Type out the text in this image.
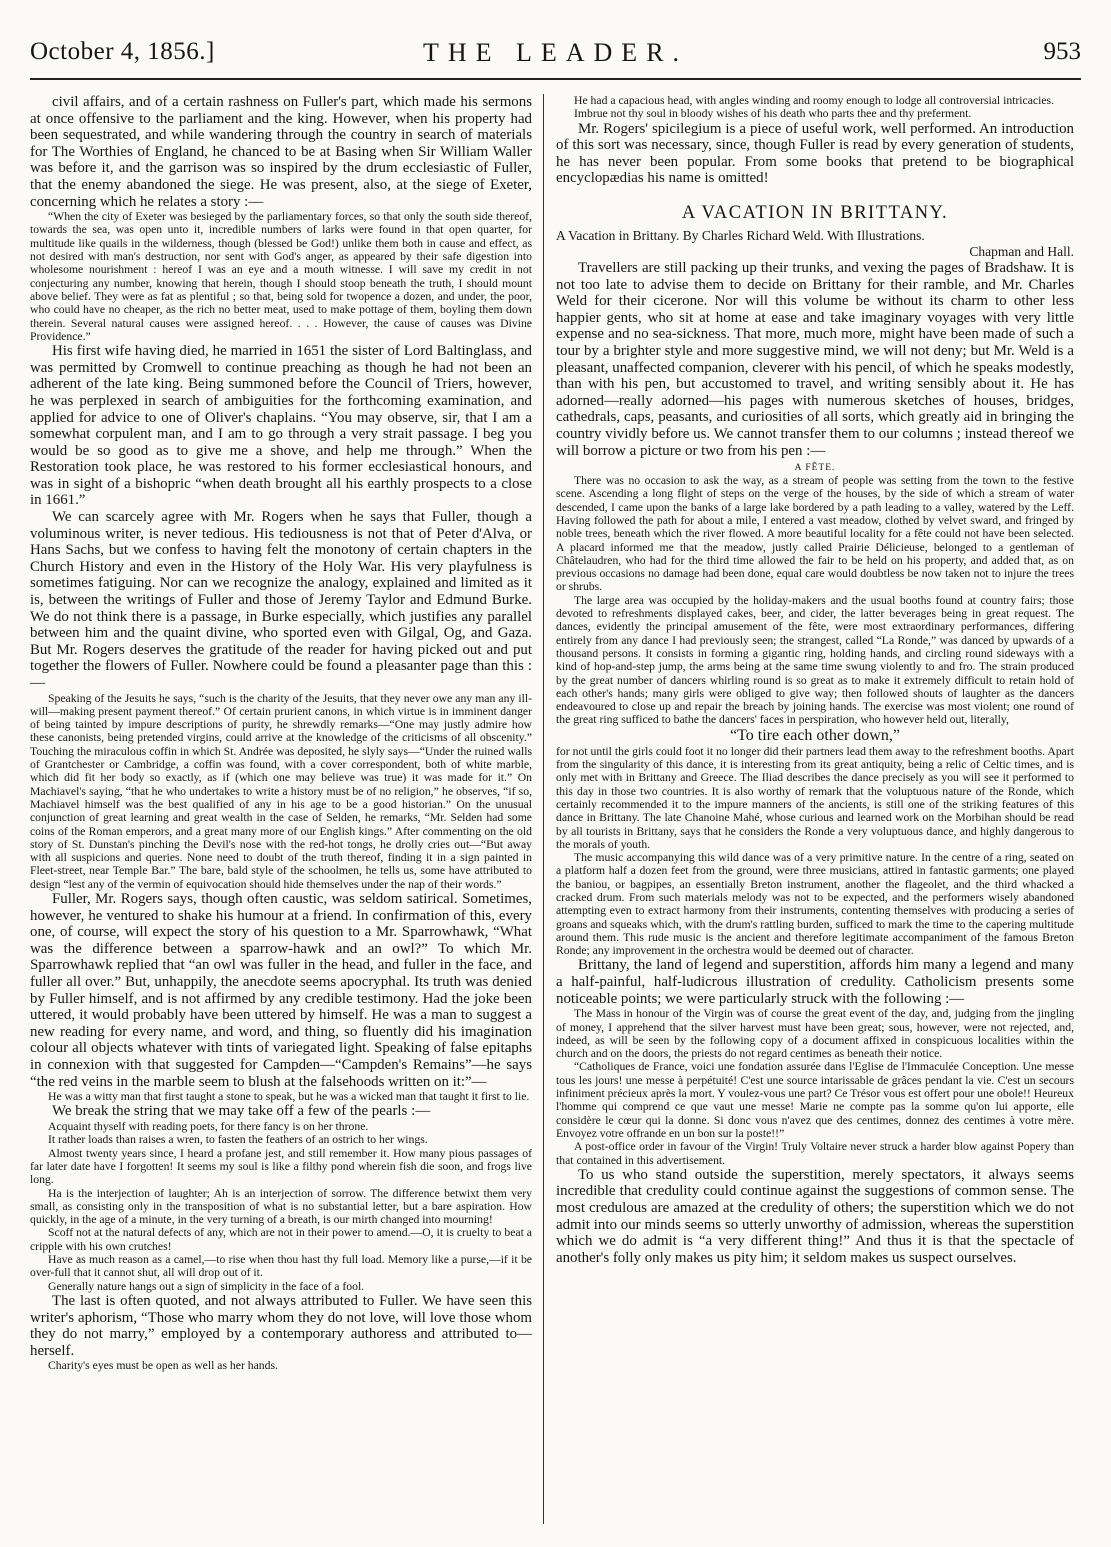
October 4, 1856.]	THE LEADER.	953

civil affairs, and of a certain rashness on Fuller's part, which made his sermons at once offensive to the parliament and the king. However, when his property had been sequestrated, and while wandering through the country in search of materials for The Worthies of England, he chanced to be at Basing when Sir William Waller was before it, and the garrison was so inspired by the drum ecclesiastic of Fuller, that the enemy abandoned the siege. He was present, also, at the siege of Exeter, concerning which he relates a story :—

“When the city of Exeter was besieged by the parliamentary forces, so that only the south side thereof, towards the sea, was open unto it, incredible numbers of larks were found in that open quarter, for multitude like quails in the wilderness, though (blessed be God!) unlike them both in cause and effect, as not desired with man's destruction, nor sent with God's anger, as appeared by their safe digestion into wholesome nourishment : hereof I was an eye and a mouth witnesse. I will save my credit in not conjecturing any number, knowing that herein, though I should stoop beneath the truth, I should mount above belief. They were as fat as plentiful ; so that, being sold for twopence a dozen, and under, the poor, who could have no cheaper, as the rich no better meat, used to make pottage of them, boyling them down therein. Several natural causes were assigned hereof. . . . However, the cause of causes was Divine Providence.”

His first wife having died, he married in 1651 the sister of Lord Baltinglass, and was permitted by Cromwell to continue preaching as though he had not been an adherent of the late king. Being summoned before the Council of Triers, however, he was perplexed in search of ambiguities for the forthcoming examination, and applied for advice to one of Oliver's chaplains. “You may observe, sir, that I am a somewhat corpulent man, and I am to go through a very strait passage. I beg you would be so good as to give me a shove, and help me through.” When the Restoration took place, he was restored to his former ecclesiastical honours, and was in sight of a bishopric “when death brought all his earthly prospects to a close in 1661.”

We can scarcely agree with Mr. Rogers when he says that Fuller, though a voluminous writer, is never tedious. His tediousness is not that of Peter d'Alva, or Hans Sachs, but we confess to having felt the monotony of certain chapters in the Church History and even in the History of the Holy War. His very playfulness is sometimes fatiguing. Nor can we recognize the analogy, explained and limited as it is, between the writings of Fuller and those of Jeremy Taylor and Edmund Burke. We do not think there is a passage, in Burke especially, which justifies any parallel between him and the quaint divine, who sported even with Gilgal, Og, and Gaza. But Mr. Rogers deserves the gratitude of the reader for having picked out and put together the flowers of Fuller. Nowhere could be found a pleasanter page than this :—

Speaking of the Jesuits he says, “such is the charity of the Jesuits, that they never owe any man any ill-will—making present payment thereof.” Of certain prurient canons, in which virtue is in imminent danger of being tainted by impure descriptions of purity, he shrewdly remarks—“One may justly admire how these canonists, being pretended virgins, could arrive at the knowledge of the criticisms of all obscenity.” Touching the miraculous coffin in which St. Andrée was deposited, he slyly says—“Under the ruined walls of Grantchester or Cambridge, a coffin was found, with a cover correspondent, both of white marble, which did fit her body so exactly, as if (which one may believe was true) it was made for it.” On Machiavel's saying, “that he who undertakes to write a history must be of no religion,” he observes, “if so, Machiavel himself was the best qualified of any in his age to be a good historian.” On the unusual conjunction of great learning and great wealth in the case of Selden, he remarks, “Mr. Selden had some coins of the Roman emperors, and a great many more of our English kings.” After commenting on the old story of St. Dunstan's pinching the Devil's nose with the red-hot tongs, he drolly cries out—“But away with all suspicions and queries. None need to doubt of the truth thereof, finding it in a sign painted in Fleet-street, near Temple Bar.” The bare, bald style of the schoolmen, he tells us, some have attributed to design “lest any of the vermin of equivocation should hide themselves under the nap of their words.”

Fuller, Mr. Rogers says, though often caustic, was seldom satirical. Sometimes, however, he ventured to shake his humour at a friend. In confirmation of this, every one, of course, will expect the story of his question to a Mr. Sparrowhawk, “What was the difference between a sparrow-hawk and an owl?” To which Mr. Sparrowhawk replied that “an owl was fuller in the head, and fuller in the face, and fuller all over.” But, unhappily, the anecdote seems apocryphal. Its truth was denied by Fuller himself, and is not affirmed by any credible testimony. Had the joke been uttered, it would probably have been uttered by himself. He was a man to suggest a new reading for every name, and word, and thing, so fluently did his imagination colour all objects whatever with tints of variegated light. Speaking of false epitaphs in connexion with that suggested for Campden—“Campden's Remains”—he says “the red veins in the marble seem to blush at the falsehoods written on it:”—

He was a witty man that first taught a stone to speak, but he was a wicked man that taught it first to lie.

We break the string that we may take off a few of the pearls :—

Acquaint thyself with reading poets, for there fancy is on her throne.

It rather loads than raises a wren, to fasten the feathers of an ostrich to her wings.

Almost twenty years since, I heard a profane jest, and still remember it. How many pious passages of far later date have I forgotten! It seems my soul is like a filthy pond wherein fish die soon, and frogs live long.

Ha is the interjection of laughter; Ah is an interjection of sorrow. The difference betwixt them very small, as consisting only in the transposition of what is no substantial letter, but a bare aspiration. How quickly, in the age of a minute, in the very turning of a breath, is our mirth changed into mourning!

Scoff not at the natural defects of any, which are not in their power to amend.—O, it is cruelty to beat a cripple with his own crutches!

Have as much reason as a camel,—to rise when thou hast thy full load. Memory like a purse,—if it be over-full that it cannot shut, all will drop out of it.

Generally nature hangs out a sign of simplicity in the face of a fool.

The last is often quoted, and not always attributed to Fuller. We have seen this writer's aphorism, “Those who marry whom they do not love, will love those whom they do not marry,” employed by a contemporary authoress and attributed to—herself.

Charity's eyes must be open as well as her hands.

He had a capacious head, with angles winding and roomy enough to lodge all controversial intricacies.

Imbrue not thy soul in bloody wishes of his death who parts thee and thy preferment.

Mr. Rogers' spicilegium is a piece of useful work, well performed. An introduction of this sort was necessary, since, though Fuller is read by every generation of students, he has never been popular. From some books that pretend to be biographical encyclopædias his name is omitted!

A VACATION IN BRITTANY.

A Vacation in Brittany. By Charles Richard Weld. With Illustrations.

Chapman and Hall.

Travellers are still packing up their trunks, and vexing the pages of Bradshaw. It is not too late to advise them to decide on Brittany for their ramble, and Mr. Charles Weld for their cicerone. Nor will this volume be without its charm to other less happier gents, who sit at home at ease and take imaginary voyages with very little expense and no sea-sickness. That more, much more, might have been made of such a tour by a brighter style and more suggestive mind, we will not deny; but Mr. Weld is a pleasant, unaffected companion, cleverer with his pencil, of which he speaks modestly, than with his pen, but accustomed to travel, and writing sensibly about it. He has adorned—really adorned—his pages with numerous sketches of houses, bridges, cathedrals, caps, peasants, and curiosities of all sorts, which greatly aid in bringing the country vividly before us. We cannot transfer them to our columns ; instead thereof we will borrow a picture or two from his pen :—

A FÊTE.

There was no occasion to ask the way, as a stream of people was setting from the town to the festive scene. Ascending a long flight of steps on the verge of the houses, by the side of which a stream of water descended, I came upon the banks of a large lake bordered by a path leading to a valley, watered by the Leff. Having followed the path for about a mile, I entered a vast meadow, clothed by velvet sward, and fringed by noble trees, beneath which the river flowed. A more beautiful locality for a fête could not have been selected. A placard informed me that the meadow, justly called Prairie Délicieuse, belonged to a gentleman of Châtelaudren, who had for the third time allowed the fair to be held on his property, and added that, as on previous occasions no damage had been done, equal care would doubtless be now taken not to injure the trees or shrubs.

The large area was occupied by the holiday-makers and the usual booths found at country fairs; those devoted to refreshments displayed cakes, beer, and cider, the latter beverages being in great request. The dances, evidently the principal amusement of the fête, were most extraordinary performances, differing entirely from any dance I had previously seen; the strangest, called “La Ronde,” was danced by upwards of a thousand persons. It consists in forming a gigantic ring, holding hands, and circling round sideways with a kind of hop-and-step jump, the arms being at the same time swung violently to and fro. The strain produced by the great number of dancers whirling round is so great as to make it extremely difficult to retain hold of each other's hands; many girls were obliged to give way; then followed shouts of laughter as the dancers endeavoured to close up and repair the breach by joining hands. The exercise was most violent; one round of the great ring sufficed to bathe the dancers' faces in perspiration, who however held out, literally,

“To tire each other down,”

for not until the girls could foot it no longer did their partners lead them away to the refreshment booths. Apart from the singularity of this dance, it is interesting from its great antiquity, being a relic of Celtic times, and is only met with in Brittany and Greece. The Iliad describes the dance precisely as you will see it performed to this day in those two countries. It is also worthy of remark that the voluptuous nature of the Ronde, which certainly recommended it to the impure manners of the ancients, is still one of the striking features of this dance in Brittany. The late Chanoine Mahé, whose curious and learned work on the Morbihan should be read by all tourists in Brittany, says that he considers the Ronde a very voluptuous dance, and highly dangerous to the morals of youth.

The music accompanying this wild dance was of a very primitive nature. In the centre of a ring, seated on a platform half a dozen feet from the ground, were three musicians, attired in fantastic garments; one played the baniou, or bagpipes, an essentially Breton instrument, another the flageolet, and the third whacked a cracked drum. From such materials melody was not to be expected, and the performers wisely abandoned attempting even to extract harmony from their instruments, contenting themselves with producing a series of groans and squeaks which, with the drum's rattling burden, sufficed to mark the time to the capering multitude around them. This rude music is the ancient and therefore legitimate accompaniment of the famous Breton Ronde; any improvement in the orchestra would be deemed out of character.

Brittany, the land of legend and superstition, affords him many a legend and many a half-painful, half-ludicrous illustration of credulity. Catholicism presents some noticeable points; we were particularly struck with the following :—

The Mass in honour of the Virgin was of course the great event of the day, and, judging from the jingling of money, I apprehend that the silver harvest must have been great; sous, however, were not rejected, and, indeed, as will be seen by the following copy of a document affixed in conspicuous localities within the church and on the doors, the priests do not regard centimes as beneath their notice.

“Catholiques de France, voici une fondation assurée dans l'Eglise de l'Immaculée Conception. Une messe tous les jours! une messe à perpétuité! C'est une source intarissable de grâces pendant la vie. C'est un secours infiniment précieux après la mort. Y voulez-vous une part? Ce Trésor vous est offert pour une obole!! Heureux l'homme qui comprend ce que vaut une messe! Marie ne compte pas la somme qu'on lui apporte, elle considère le cœur qui la donne. Si donc vous n'avez que des centimes, donnez des centimes à votre mère. Envoyez votre offrande en un bon sur la poste!!”

A post-office order in favour of the Virgin! Truly Voltaire never struck a harder blow against Popery than that contained in this advertisement.

To us who stand outside the superstition, merely spectators, it always seems incredible that credulity could continue against the suggestions of common sense. The most credulous are amazed at the credulity of others; the superstition which we do not admit into our minds seems so utterly unworthy of admission, whereas the superstition which we do admit is “a very different thing!” And thus it is that the spectacle of another's folly only makes us pity him; it seldom makes us suspect ourselves.
